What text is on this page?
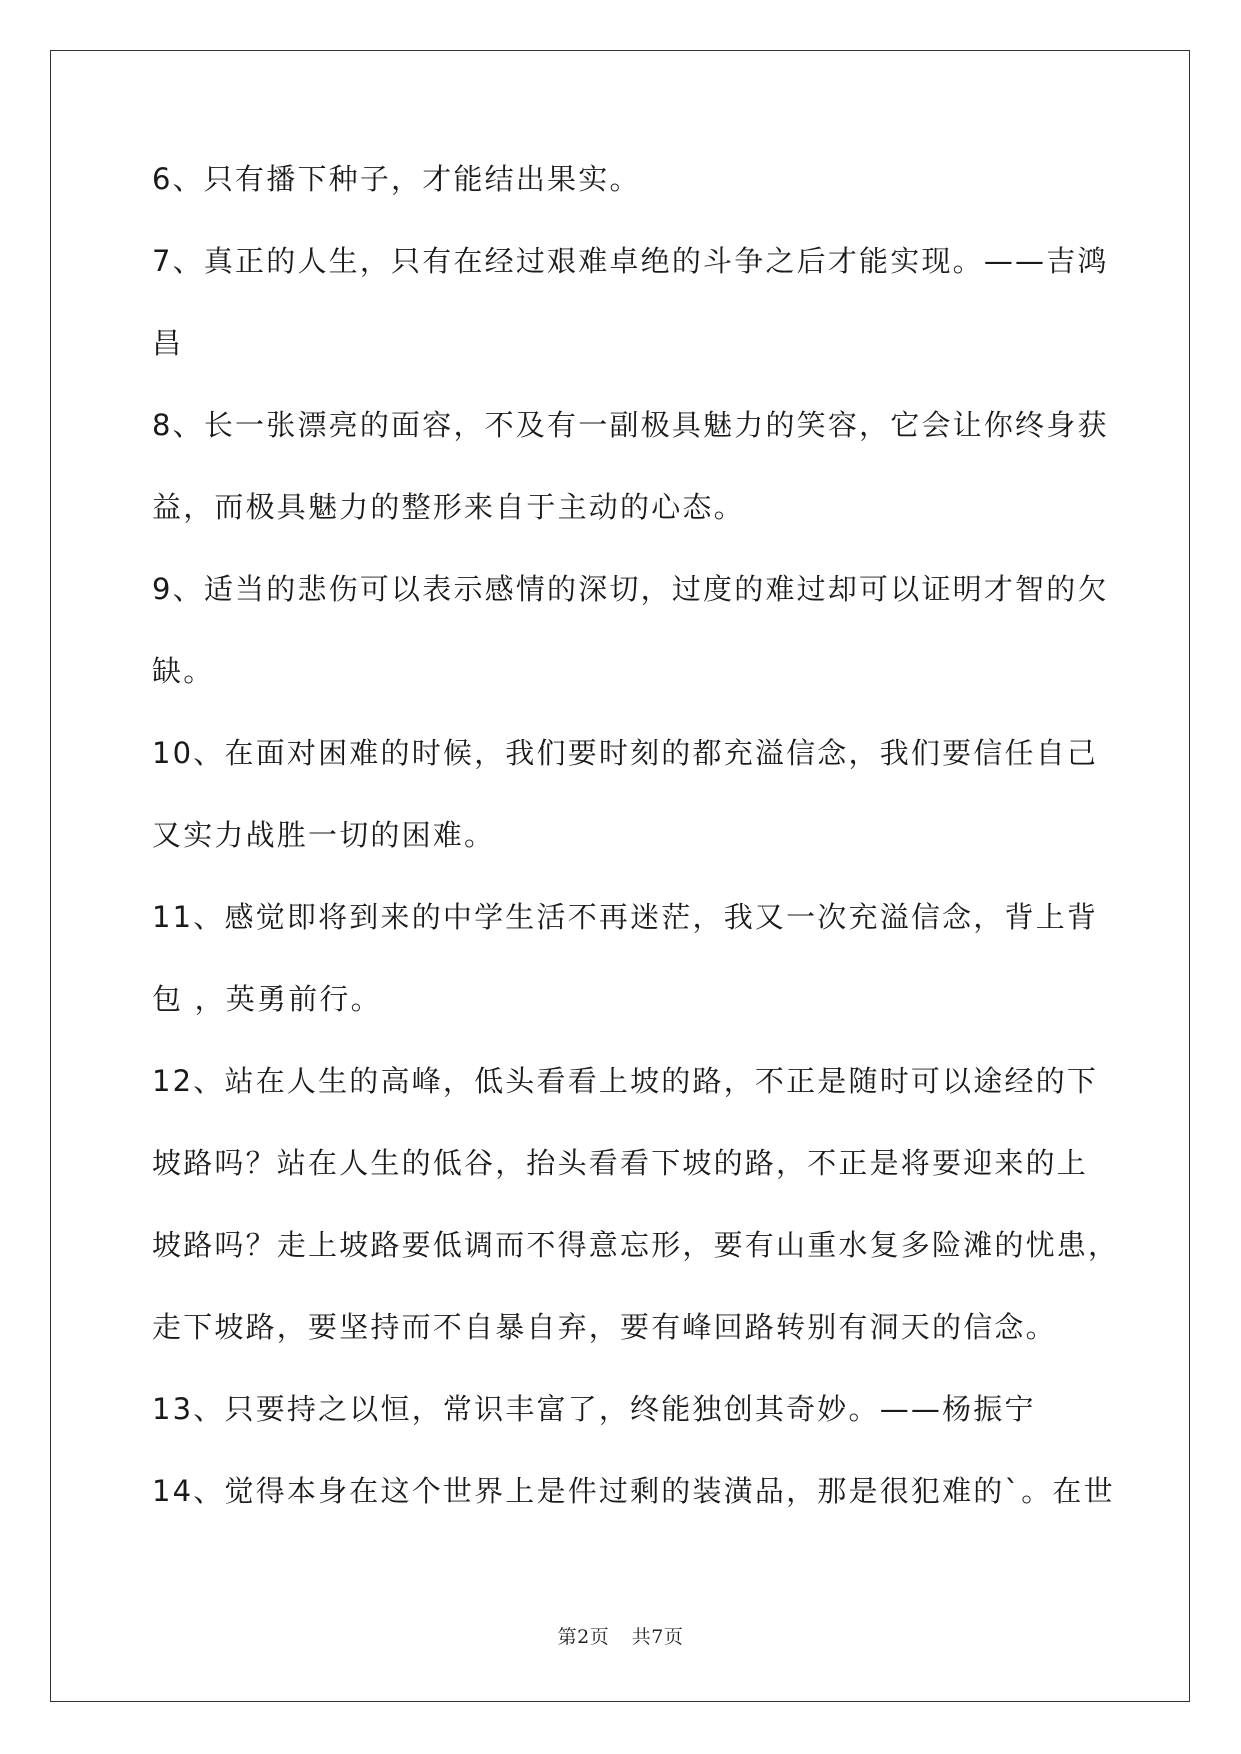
6、只有播下种子，才能结出果实。
7、真正的人生，只有在经过艰难卓绝的斗争之后才能实现。——吉鸿
昌
8、长一张漂亮的面容，不及有一副极具魅力的笑容，它会让你终身获
益，而极具魅力的整形来自于主动的心态。
9、适当的悲伤可以表示感情的深切，过度的难过却可以证明才智的欠
缺。
10、在面对困难的时候，我们要时刻的都充溢信念，我们要信任自己
又实力战胜一切的困难。
11、感觉即将到来的中学生活不再迷茫，我又一次充溢信念，背上背
包 ，英勇前行。
12、站在人生的高峰，低头看看上坡的路，不正是随时可以途经的下
坡路吗？站在人生的低谷，抬头看看下坡的路，不正是将要迎来的上
坡路吗？走上坡路要低调而不得意忘形，要有山重水复多险滩的忧患，
走下坡路，要坚持而不自暴自弃，要有峰回路转别有洞天的信念。
13、只要持之以恒，常识丰富了，终能独创其奇妙。——杨振宁
14、觉得本身在这个世界上是件过剩的装潢品，那是很犯难的`。在世
第2页 共7页
